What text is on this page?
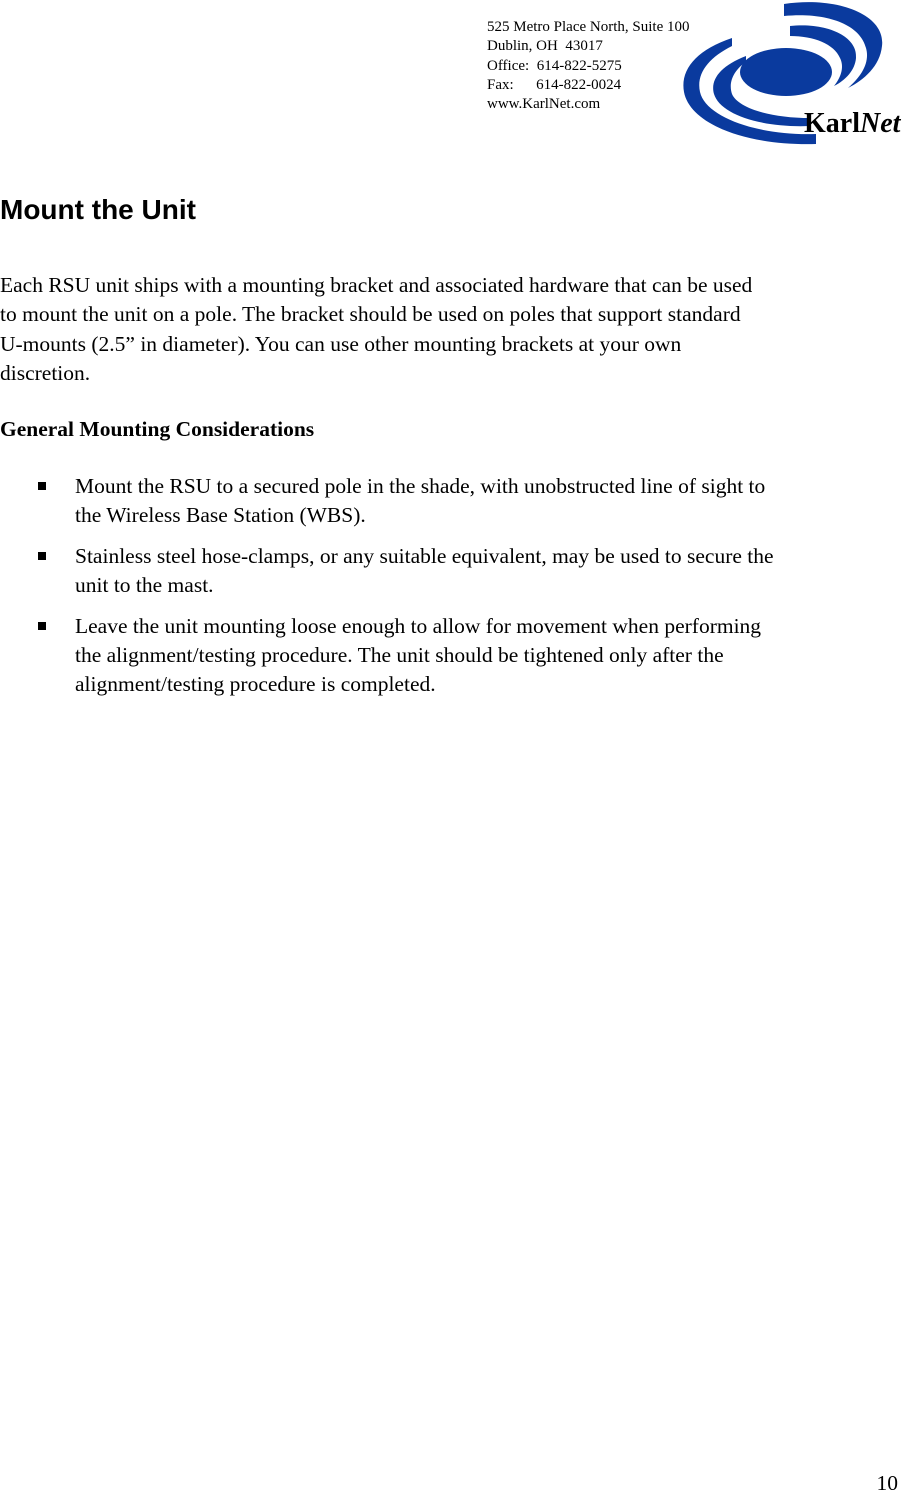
525 Metro Place North, Suite 100
Dublin, OH  43017
Office:  614-822-5275
Fax:      614-822-0024
www.KarlNet.com
KarlNet
Mount the Unit

Each RSU unit ships with a mounting bracket and associated hardware that can be used
to mount the unit on a pole. The bracket should be used on poles that support standard
U-mounts (2.5” in diameter). You can use other mounting brackets at your own
discretion.

General Mounting Considerations
Mount the RSU to a secured pole in the shade, with unobstructed line of sight to
the Wireless Base Station (WBS).
Stainless steel hose-clamps, or any suitable equivalent, may be used to secure the
unit to the mast.
Leave the unit mounting loose enough to allow for movement when performing
the alignment/testing procedure. The unit should be tightened only after the
alignment/testing procedure is completed.
10
